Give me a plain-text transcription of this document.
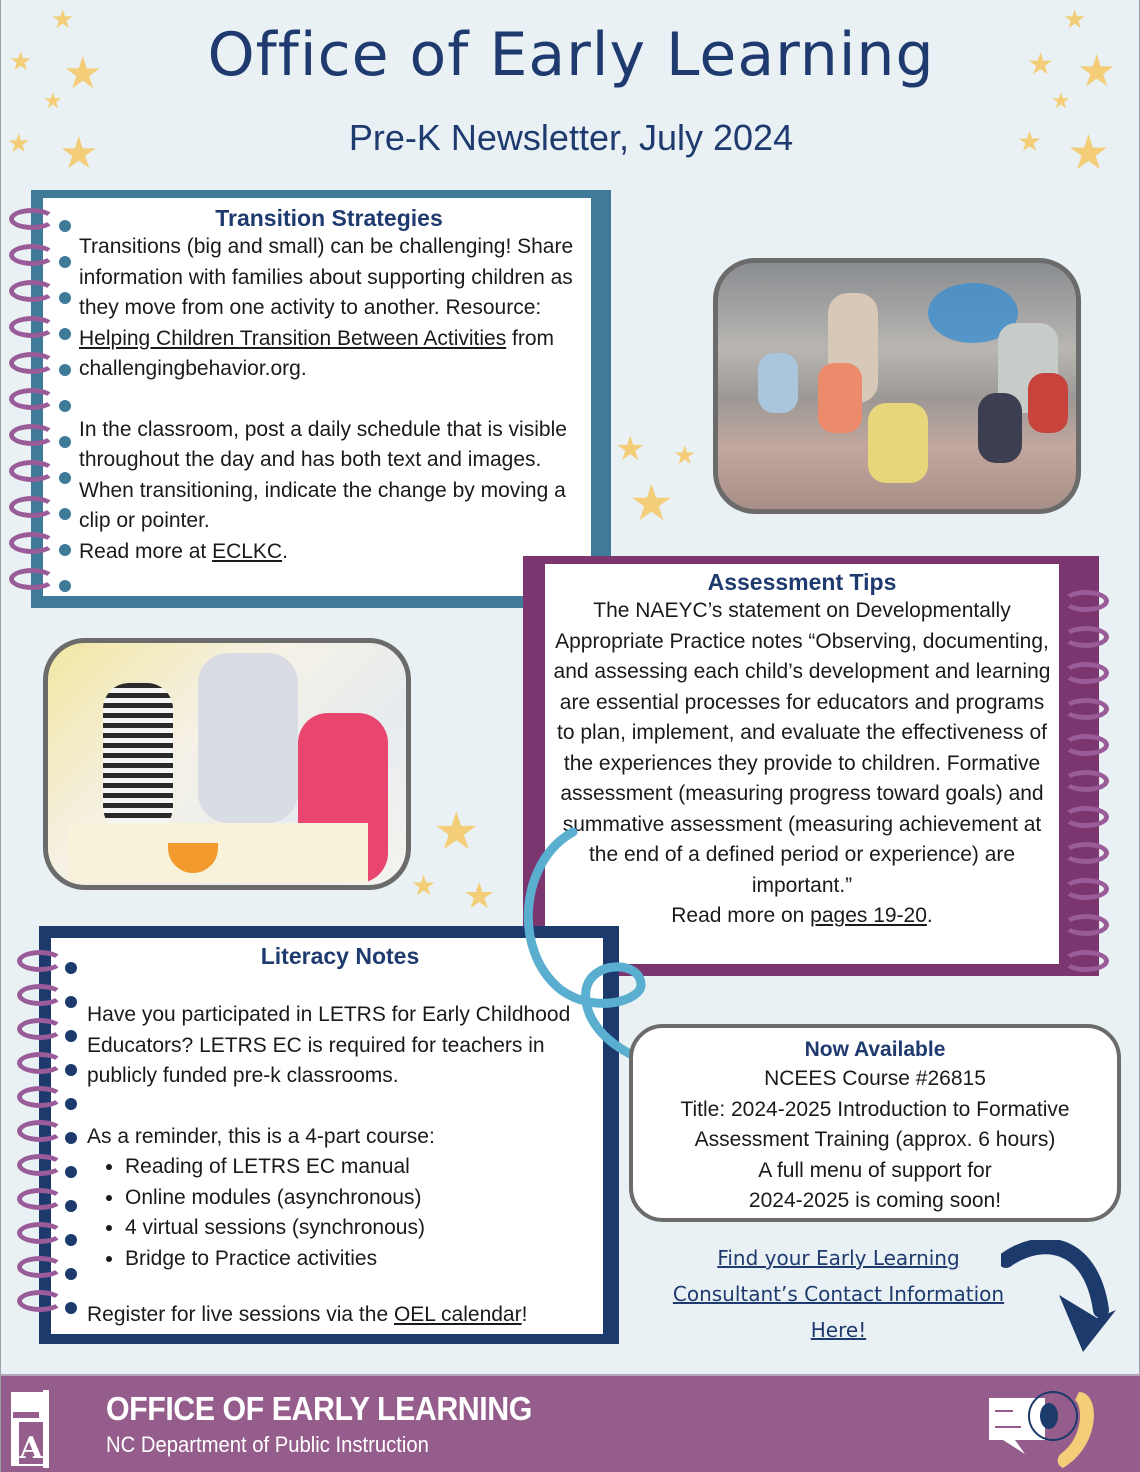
Office of Early Learning
Pre-K Newsletter, July 2024
★
★ ★
★
★ ★
★
★ ★
★
★ ★
★ ★
★
★
★ ★
Transition Strategies

Transitions (big and small) can be challenging! Share information with families about supporting children as they move from one activity to another. Resource: Helping Children Transition Between Activities from challengingbehavior.org.

In the classroom, post a daily schedule that is visible throughout the day and has both text and images. When transitioning, indicate the change by moving a clip or pointer.

Read more at ECLKC.

Assessment Tips

The NAEYC’s statement on Developmentally Appropriate Practice notes “Observing, documenting, and assessing each child’s development and learning are essential processes for educators and programs to plan, implement, and evaluate the effectiveness of the experiences they provide to children. Formative assessment (measuring progress toward goals) and summative assessment (measuring achievement at the end of a defined period or experience) are important.”

Read more on pages 19-20.

Literacy Notes

Have you participated in LETRS for Early Childhood Educators? LETRS EC is required for teachers in publicly funded pre-k classrooms.

As a reminder, this is a 4-part course:

• Reading of LETRS EC manual
• Online modules (asynchronous)
• 4 virtual sessions (synchronous)
• Bridge to Practice activities

Register for live sessions via the OEL calendar!

Now Available
NCEES Course #26815
Title: 2024-2025 Introduction to Formative
Assessment Training (approx. 6 hours)
A full menu of support for
2024-2025 is coming soon!
Find your Early Learning
Consultant’s Contact Information
Here!
A
OFFICE OF EARLY LEARNING
NC Department of Public Instruction
